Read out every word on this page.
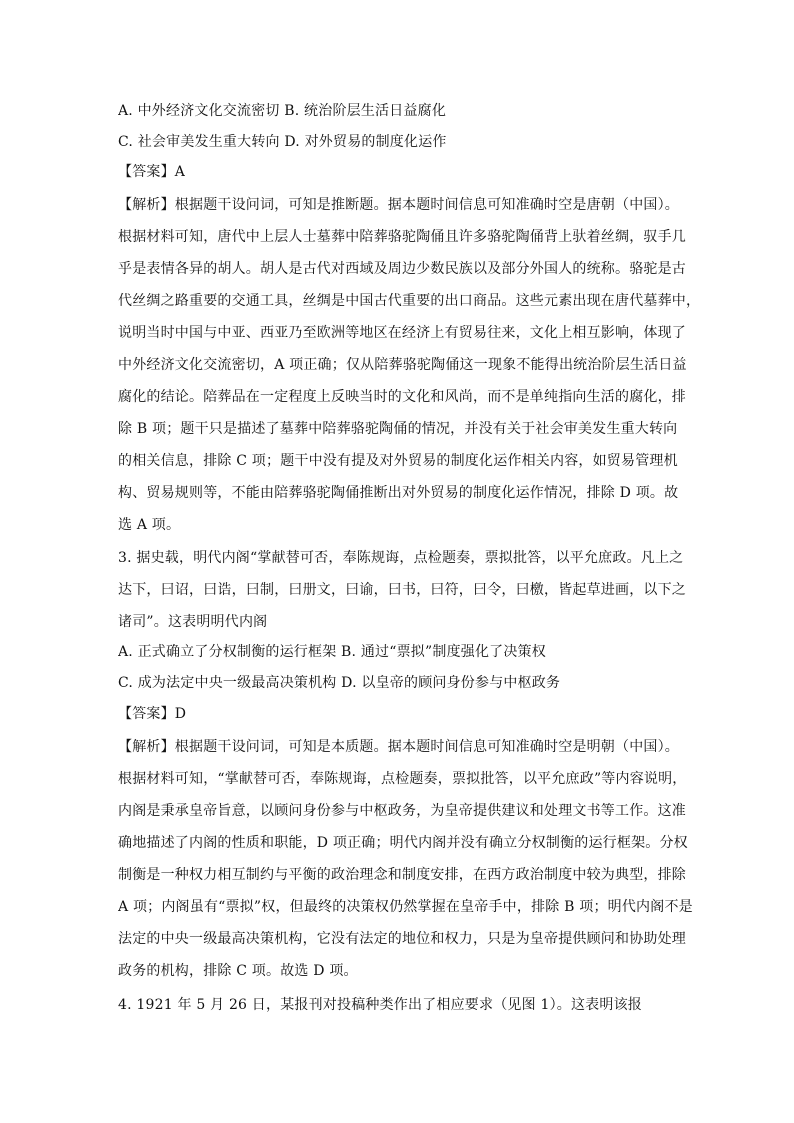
A. 中外经济文化交流密切 B. 统治阶层生活日益腐化
C. 社会审美发生重大转向 D. 对外贸易的制度化运作
【答案】A
【解析】根据题干设问词，可知是推断题。据本题时间信息可知准确时空是唐朝（中国）。
根据材料可知，唐代中上层人士墓葬中陪葬骆驼陶俑且许多骆驼陶俑背上驮着丝绸，驭手几
乎是表情各异的胡人。胡人是古代对西域及周边少数民族以及部分外国人的统称。骆驼是古
代丝绸之路重要的交通工具，丝绸是中国古代重要的出口商品。这些元素出现在唐代墓葬中，
说明当时中国与中亚、西亚乃至欧洲等地区在经济上有贸易往来，文化上相互影响，体现了
中外经济文化交流密切，A 项正确；仅从陪葬骆驼陶俑这一现象不能得出统治阶层生活日益
腐化的结论。陪葬品在一定程度上反映当时的文化和风尚，而不是单纯指向生活的腐化，排
除 B 项；题干只是描述了墓葬中陪葬骆驼陶俑的情况，并没有关于社会审美发生重大转向
的相关信息，排除 C 项；题干中没有提及对外贸易的制度化运作相关内容，如贸易管理机
构、贸易规则等，不能由陪葬骆驼陶俑推断出对外贸易的制度化运作情况，排除 D 项。故
选 A 项。
3. 据史载，明代内阁“掌献替可否，奉陈规诲，点检题奏，票拟批答，以平允庶政。凡上之
达下，曰诏，曰诰，曰制，曰册文，曰谕，曰书，曰符，曰令，曰檄，皆起草进画，以下之
诸司”。这表明明代内阁
A. 正式确立了分权制衡的运行框架 B. 通过“票拟”制度强化了决策权
C. 成为法定中央一级最高决策机构 D. 以皇帝的顾问身份参与中枢政务
【答案】D
【解析】根据题干设问词，可知是本质题。据本题时间信息可知准确时空是明朝（中国）。
根据材料可知，“掌献替可否，奉陈规诲，点检题奏，票拟批答，以平允庶政”等内容说明，
内阁是秉承皇帝旨意，以顾问身份参与中枢政务，为皇帝提供建议和处理文书等工作。这准
确地描述了内阁的性质和职能，D 项正确；明代内阁并没有确立分权制衡的运行框架。分权
制衡是一种权力相互制约与平衡的政治理念和制度安排，在西方政治制度中较为典型，排除
A 项；内阁虽有“票拟”权，但最终的决策权仍然掌握在皇帝手中，排除 B 项；明代内阁不是
法定的中央一级最高决策机构，它没有法定的地位和权力，只是为皇帝提供顾问和协助处理
政务的机构，排除 C 项。故选 D 项。
4. 1921 年 5 月 26 日，某报刊对投稿种类作出了相应要求（见图 1）。这表明该报
